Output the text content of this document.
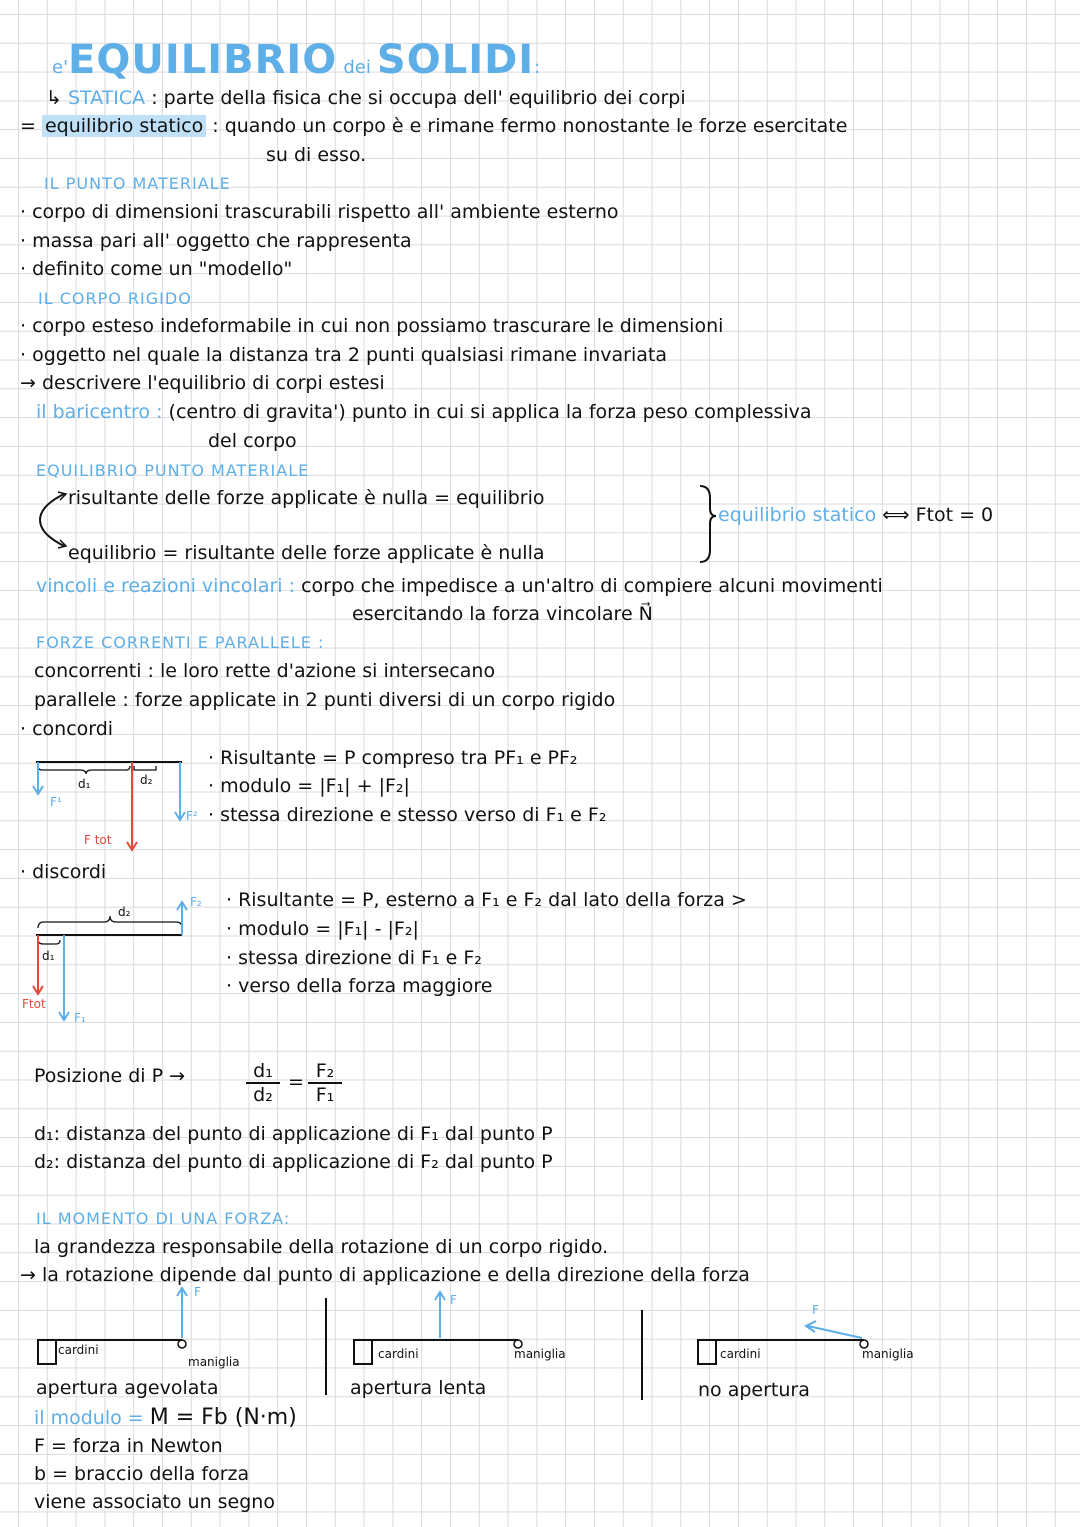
e'EQUILIBRIO dei SOLIDI:
↳ STATICA : parte della fisica che si occupa dell' equilibrio dei corpi
= equilibrio statico : quando un corpo è e rimane fermo nonostante le forze esercitate
su di esso.
IL PUNTO MATERIALE
· corpo di dimensioni trascurabili rispetto all' ambiente esterno
· massa pari all' oggetto che rappresenta
· definito come un "modello"
IL CORPO RIGIDO
· corpo esteso indeformabile in cui non possiamo trascurare le dimensioni
· oggetto nel quale la distanza tra 2 punti qualsiasi rimane invariata
→ descrivere l'equilibrio di corpi estesi
il baricentro : (centro di gravita') punto in cui si applica la forza peso complessiva
del corpo
EQUILIBRIO PUNTO MATERIALE
risultante delle forze applicate è nulla = equilibrio
equilibrio = risultante delle forze applicate è nulla
equilibrio statico ⟺ Ftot = 0
vincoli e reazioni vincolari : corpo che impedisce a un'altro di compiere alcuni movimenti
esercitando la forza vincolare N⃗
FORZE CORRENTI E PARALLELE :
concorrenti : le loro rette d'azione si intersecano
parallele : forze applicate in 2 punti diversi di un corpo rigido
· concordi
· Risultante = P compreso tra PF₁ e PF₂
· modulo = |F₁| + |F₂|
· stessa direzione e stesso verso di F₁ e F₂
d₁	d₂
F¹
F²
F tot
· discordi
· Risultante = P, esterno a F₁ e F₂ dal lato della forza >
· modulo = |F₁| - |F₂|
· stessa direzione di F₁ e F₂
· verso della forza maggiore
d₂
d₁
F₂
F₁
Ftot
Posizione di P →	d₁
d₂
= F₂
F₁
d₁: distanza del punto di applicazione di F₁ dal punto P
d₂: distanza del punto di applicazione di F₂ dal punto P
IL MOMENTO DI UNA FORZA:
la grandezza responsabile della rotazione di un corpo rigido.
→ la rotazione dipende dal punto di applicazione e della direzione della forza
F
cardini
maniglia
apertura agevolata
F
cardini	maniglia
apertura lenta
F
cardini	maniglia
no apertura
il modulo = M = Fb (N·m)
F = forza in Newton
b = braccio della forza
viene associato un segno
